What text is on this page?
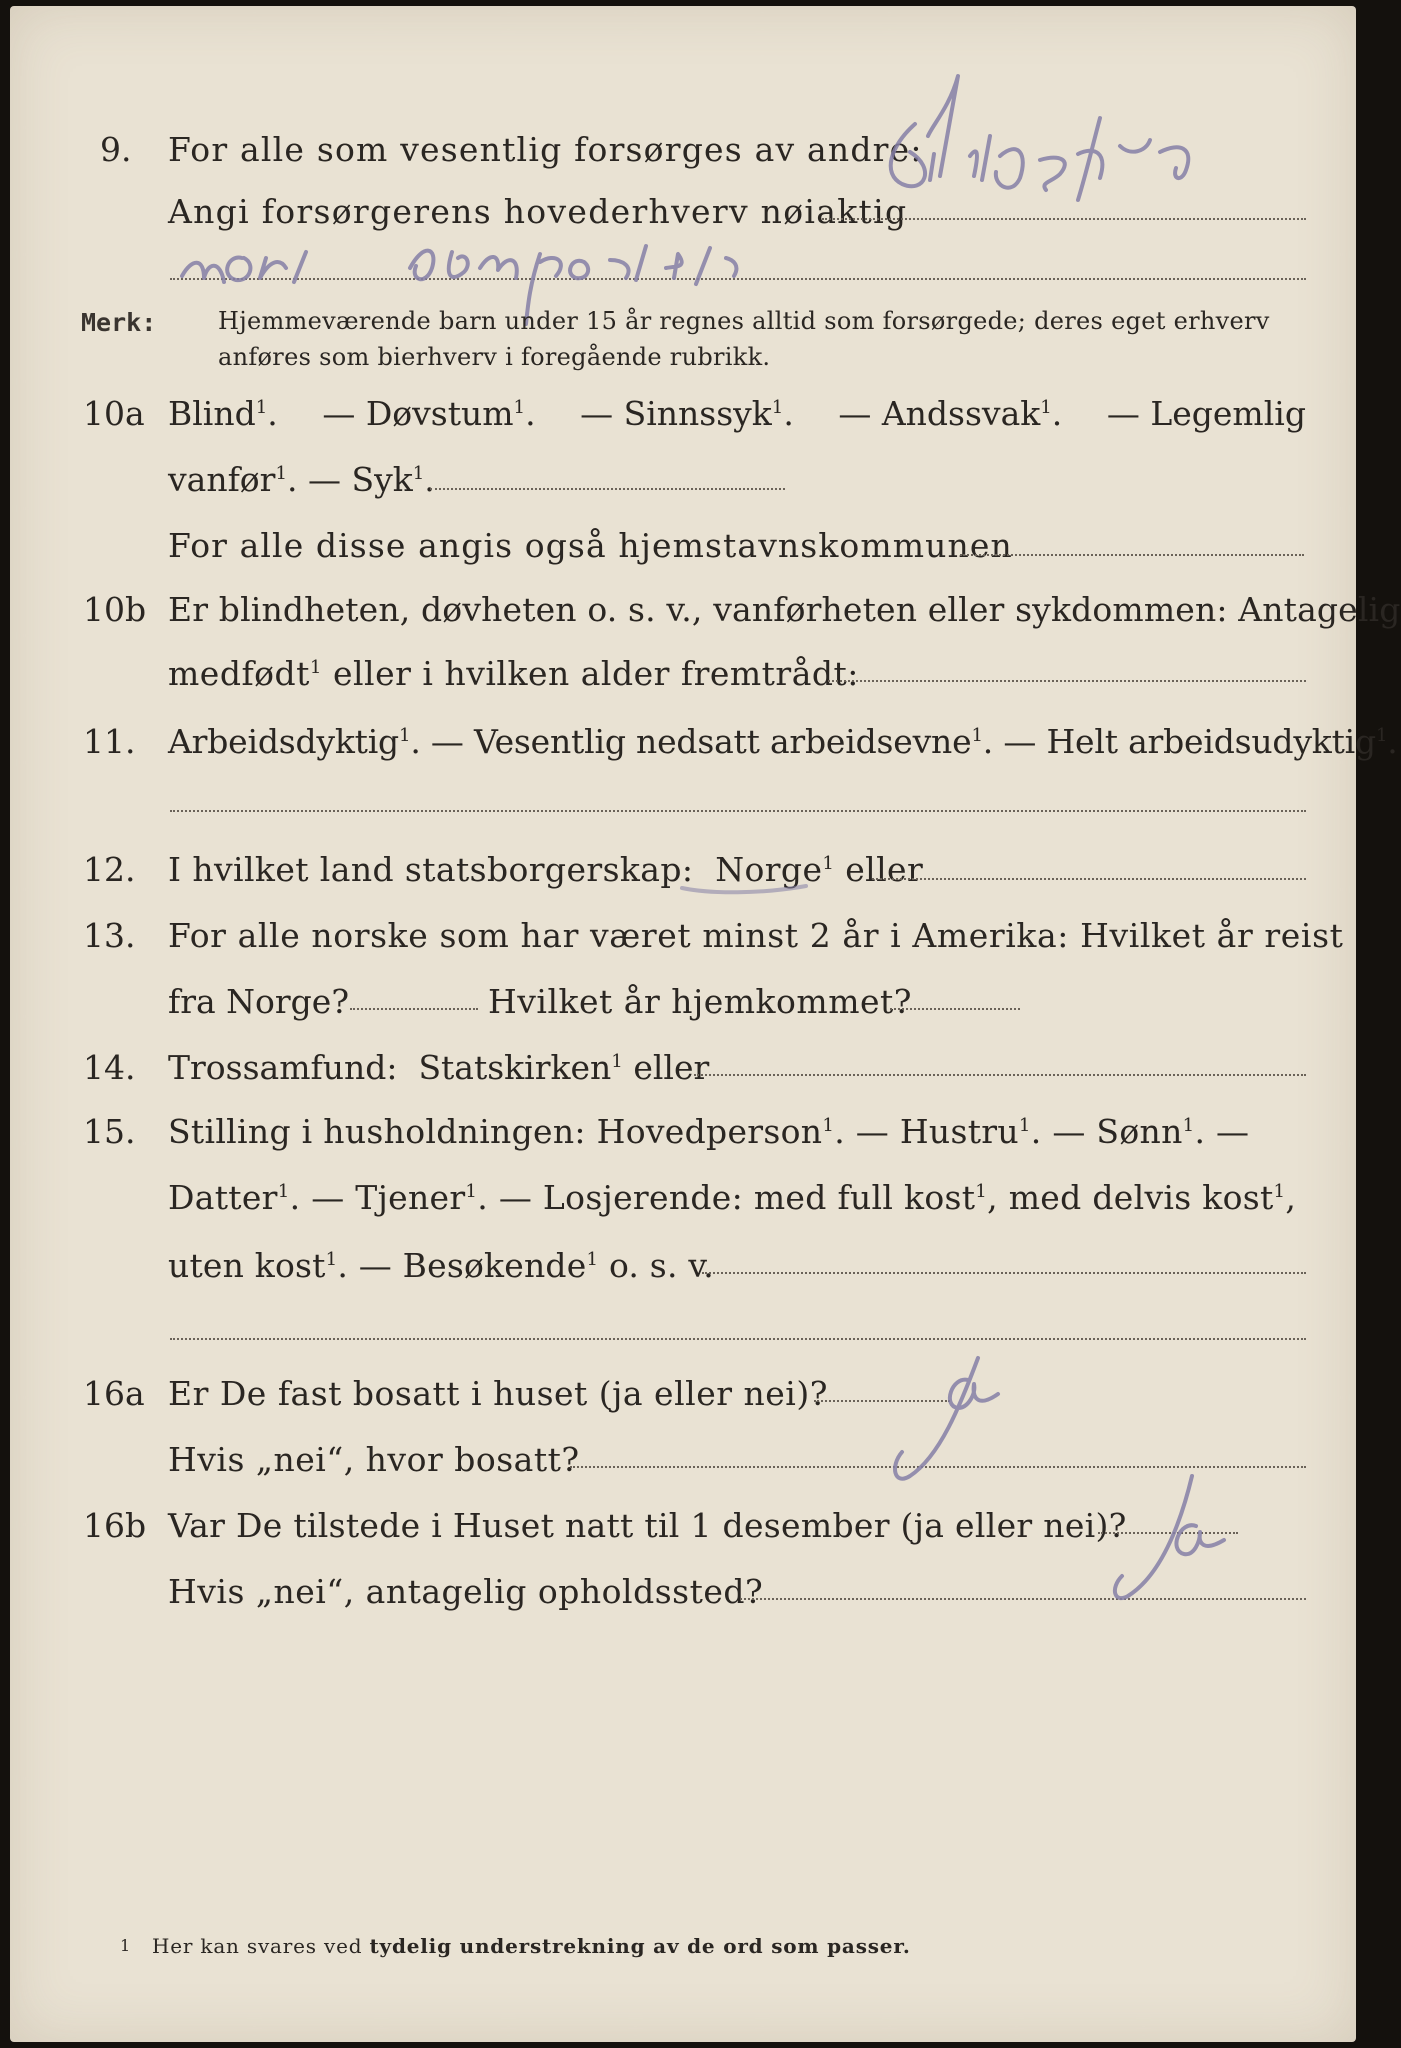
9. For alle som vesentlig forsørges av andre:
Angi forsørgerens hovederhverv nøiaktig
Merk:	Hjemmeværende barn under 15 år regnes alltid som forsørgede; deres eget erhverv
anføres som bierhverv i foregående rubrikk.
10a Blind$^1$. — Døvstum$^1$. — Sinnssyk$^1$. — Andssvak$^1$. — Legemlig
vanfør$^1$. — Syk$^1$.
For alle disse angis også hjemstavnskommunen
10b Er blindheten, døvheten o. s. v., vanførheten eller sykdommen: Antagelig
medfødt$^1$ eller i hvilken alder fremtrådt:
11. Arbeidsdyktig$^1$. — Vesentlig nedsatt arbeidsevne$^1$. — Helt arbeidsudyktig$^1$.
12. I hvilket land statsborgerskap: Norge$^1$ eller
13. For alle norske som har været minst 2 år i Amerika: Hvilket år reist
fra Norge?	Hvilket år hjemkommet?
14. Trossamfund: Statskirken$^1$ eller
15. Stilling i husholdningen: Hovedperson$^1$. — Hustru$^1$. — Sønn$^1$. —
Datter$^1$. — Tjener$^1$. — Losjerende: med full kost$^1$, med delvis kost$^1$,
uten kost$^1$. — Besøkende$^1$ o. s. v.
16a Er De fast bosatt i huset (ja eller nei)?
Hvis „nei“, hvor bosatt?
16b Var De tilstede i Huset natt til 1 desember (ja eller nei)?
Hvis „nei“, antagelig opholdssted?
1 Her kan svares ved tydelig understrekning av de ord som passer.
